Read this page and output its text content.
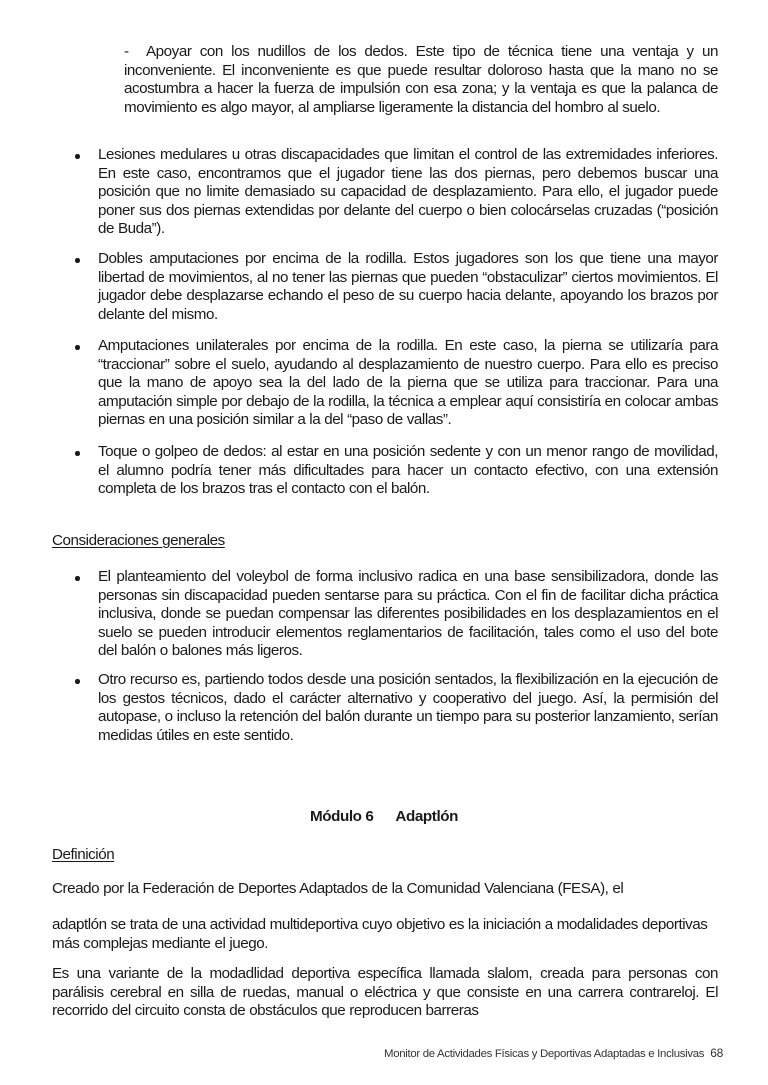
- Apoyar con los nudillos de los dedos. Este tipo de técnica tiene una ventaja y un inconveniente. El inconveniente es que puede resultar doloroso hasta que la mano no se acostumbra a hacer la fuerza de impulsión con esa zona; y la ventaja es que la palanca de movimiento es algo mayor, al ampliarse ligeramente la distancia del hombro al suelo.
Lesiones medulares u otras discapacidades que limitan el control de las extremidades inferiores. En este caso, encontramos que el jugador tiene las dos piernas, pero debemos buscar una posición que no limite demasiado su capacidad de desplazamiento. Para ello, el jugador puede poner sus dos piernas extendidas por delante del cuerpo o bien colocárselas cruzadas (“posición de Buda”).
Dobles amputaciones por encima de la rodilla. Estos jugadores son los que tiene una mayor libertad de movimientos, al no tener las piernas que pueden “obstaculizar” ciertos movimientos. El jugador debe desplazarse echando el peso de su cuerpo hacia delante, apoyando los brazos por delante del mismo.
Amputaciones unilaterales por encima de la rodilla. En este caso, la pierna se utilizaría para “traccionar” sobre el suelo, ayudando al desplazamiento de nuestro cuerpo. Para ello es preciso que la mano de apoyo sea la del lado de la pierna que se utiliza para traccionar. Para una amputación simple por debajo de la rodilla, la técnica a emplear aquí consistiría en colocar ambas piernas en una posición similar a la del “paso de vallas”.
Toque o golpeo de dedos: al estar en una posición sedente y con un menor rango de movilidad, el alumno podría tener más dificultades para hacer un contacto efectivo, con una extensión completa de los brazos tras el contacto con el balón.
Consideraciones generales
El planteamiento del voleybol de forma inclusivo radica en una base sensibilizadora, donde las personas sin discapacidad pueden sentarse para su práctica. Con el fin de facilitar dicha práctica inclusiva, donde se puedan compensar las diferentes posibilidades en los desplazamientos en el suelo se pueden introducir elementos reglamentarios de facilitación, tales como el uso del bote del balón o balones más ligeros.
Otro recurso es, partiendo todos desde una posición sentados, la flexibilización en la ejecución de los gestos técnicos, dado el carácter alternativo y cooperativo del juego. Así, la permisión del autopase, o incluso la retención del balón durante un tiempo para su posterior lanzamiento, serían medidas útiles en este sentido.
Módulo 6 Adaptlón
Definición
Creado por la Federación de Deportes Adaptados de la Comunidad Valenciana (FESA), el
adaptlón se trata de una actividad multideportiva cuyo objetivo es la iniciación a modalidades deportivas más complejas mediante el juego.
Es una variante de la modadlidad deportiva específica llamada slalom, creada para personas con parálisis cerebral en silla de ruedas, manual o eléctrica y que consiste en una carrera contrareloj. El recorrido del circuito consta de obstáculos que reproducen barreras
Monitor de Actividades Físicas y Deportivas Adaptadas e Inclusivas 68
